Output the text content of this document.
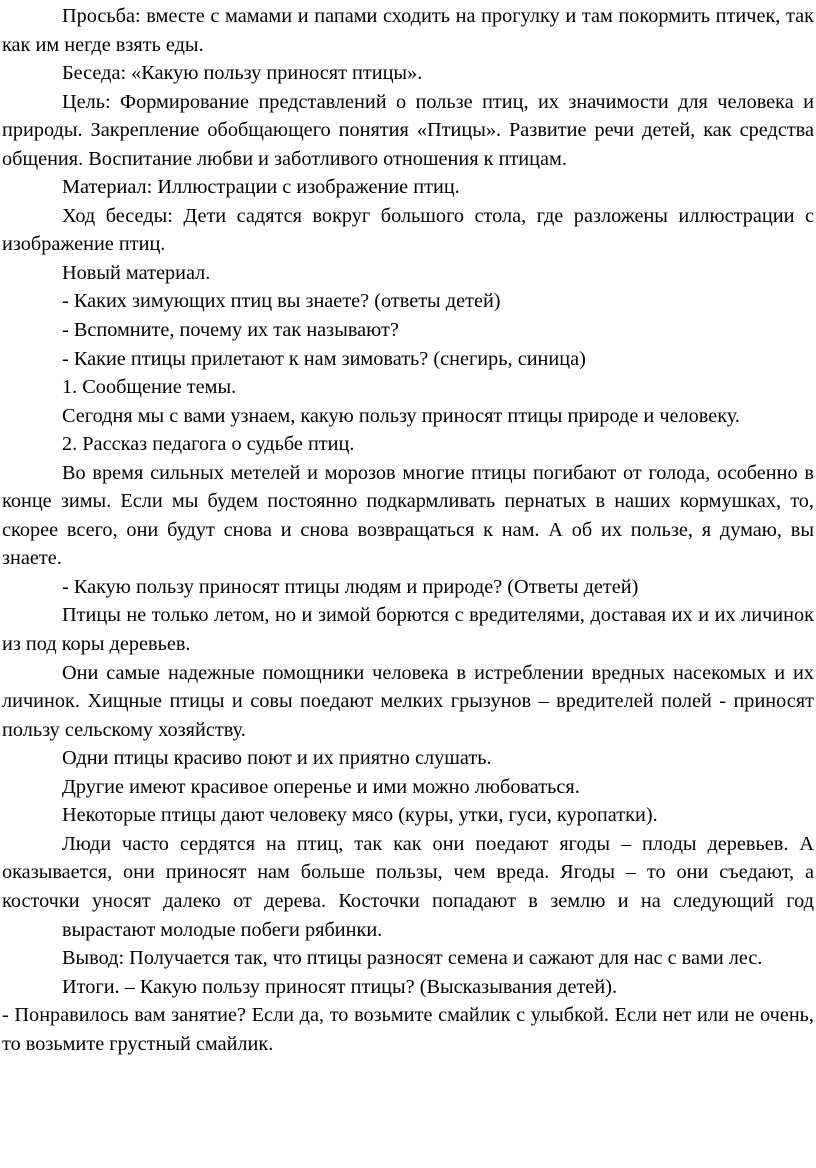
Просьба: вместе с мамами и папами сходить на прогулку и там покормить птичек, так как им негде взять еды.

Беседа: «Какую пользу приносят птицы».

Цель: Формирование представлений о пользе птиц, их значимости для человека и природы. Закрепление обобщающего понятия «Птицы». Развитие речи детей, как средства общения. Воспитание любви и заботливого отношения к птицам.

Материал: Иллюстрации с изображение птиц.

Ход беседы: Дети садятся вокруг большого стола, где разложены иллюстрации с изображение птиц.

Новый материал.

- Каких зимующих птиц вы знаете? (ответы детей)

- Вспомните, почему их так называют?

- Какие птицы прилетают к нам зимовать? (снегирь, синица)

1. Сообщение темы.

Сегодня мы с вами узнаем, какую пользу приносят птицы природе и человеку.

2. Рассказ педагога о судьбе птиц.

Во время сильных метелей и морозов многие птицы погибают от голода, особенно в конце зимы. Если мы будем постоянно подкармливать пернатых в наших кормушках, то, скорее всего, они будут снова и снова возвращаться к нам. А об их пользе, я думаю, вы знаете.

- Какую пользу приносят птицы людям и природе? (Ответы детей)

Птицы не только летом, но и зимой борются с вредителями, доставая их и их личинок из под коры деревьев.

Они самые надежные помощники человека в истреблении вредных насекомых и их личинок. Хищные птицы и совы поедают мелких грызунов – вредителей полей - приносят пользу сельскому хозяйству.

Одни птицы красиво поют и их приятно слушать.

Другие имеют красивое оперенье и ими можно любоваться.

Некоторые птицы дают человеку мясо (куры, утки, гуси, куропатки).

Люди часто сердятся на птиц, так как они поедают ягоды – плоды деревьев. А оказывается, они приносят нам больше пользы, чем вреда. Ягоды – то они съедают, а косточки уносят далеко от дерева. Косточки попадают в землю и на следующий год

вырастают молодые побеги рябинки.

Вывод: Получается так, что птицы разносят семена и сажают для нас с вами лес.

Итоги. – Какую пользу приносят птицы? (Высказывания детей).

- Понравилось вам занятие? Если да, то возьмите смайлик с улыбкой. Если нет или не очень, то возьмите грустный смайлик.
